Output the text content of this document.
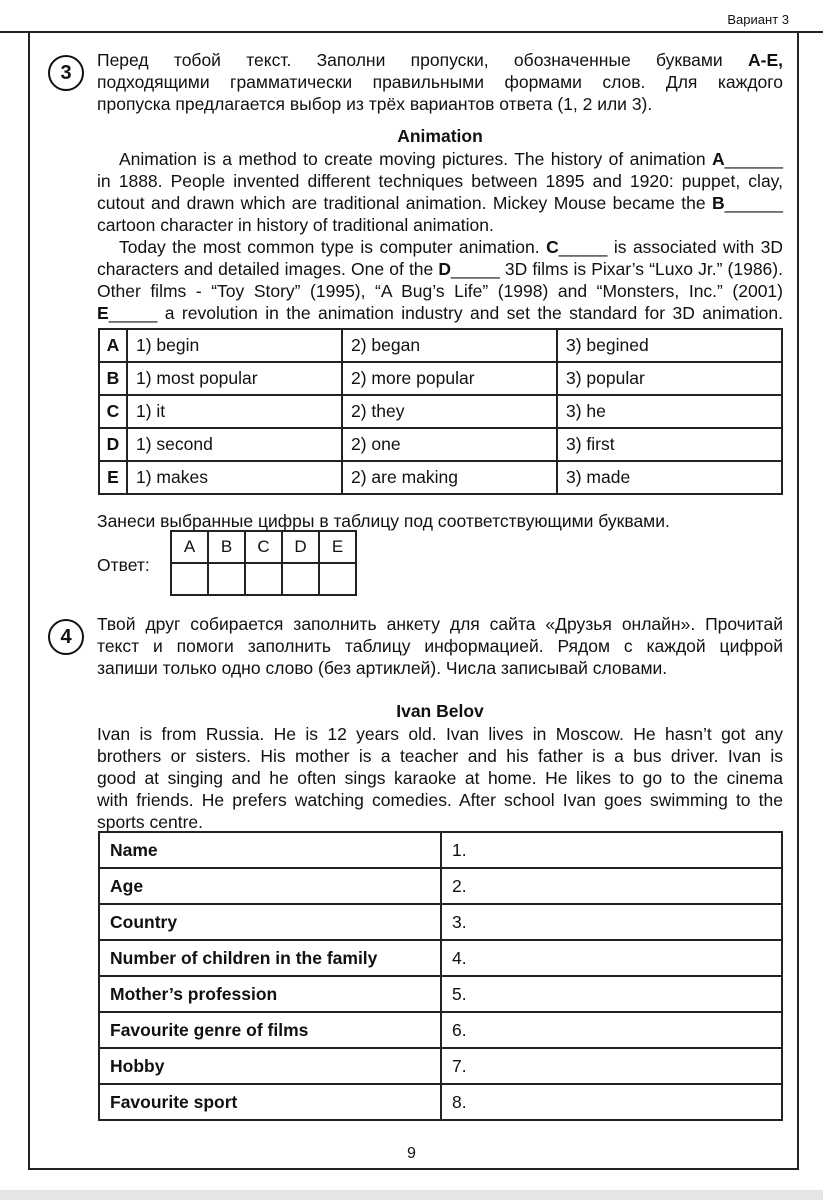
Вариант 3
3
Перед тобой текст. Заполни пропуски, обозначенные буквами А-Е,
подходящими грамматически правильными формами слов. Для каждого
пропуска предлагается выбор из трёх вариантов ответа (1, 2 или 3).
Animation
Animation is a method to create moving pictures. The history of animation A______
in 1888. People invented different techniques between 1895 and 1920: puppet, clay,
cutout and drawn which are traditional animation. Mickey Mouse became the B______
cartoon character in history of traditional animation.
Today the most common type is computer animation. C_____ is associated with 3D
characters and detailed images. One of the D_____ 3D films is Pixar’s “Luxo Jr.” (1986).
Other films - “Toy Story” (1995), “A Bug’s Life” (1998) and “Monsters, Inc.” (2001)
E_____ a revolution in the animation industry and set the standard for 3D animation.
A	1) begin	2) began	3) begined
B	1) most popular	2) more popular	3) popular
C	1) it	2) they	3) he
D	1) second	2) one	3) first
E	1) makes	2) are making	3) made
Занеси выбранные цифры в таблицу под соответствующими буквами.
Ответ:
A	B	C	D	E

4
Твой друг собирается заполнить анкету для сайта «Друзья онлайн». Прочитай
текст и помоги заполнить таблицу информацией. Рядом с каждой цифрой
запиши только одно слово (без артиклей). Числа записывай словами.
Ivan Belov
Ivan is from Russia. He is 12 years old. Ivan lives in Moscow. He hasn’t got any
brothers or sisters. His mother is a teacher and his father is a bus driver. Ivan is
good at singing and he often sings karaoke at home. He likes to go to the cinema
with friends. He prefers watching comedies. After school Ivan goes swimming to the
sports centre.
Name	1.
Age	2.
Country	3.
Number of children in the family	4.
Mother’s profession	5.
Favourite genre of films	6.
Hobby	7.
Favourite sport	8.
9
